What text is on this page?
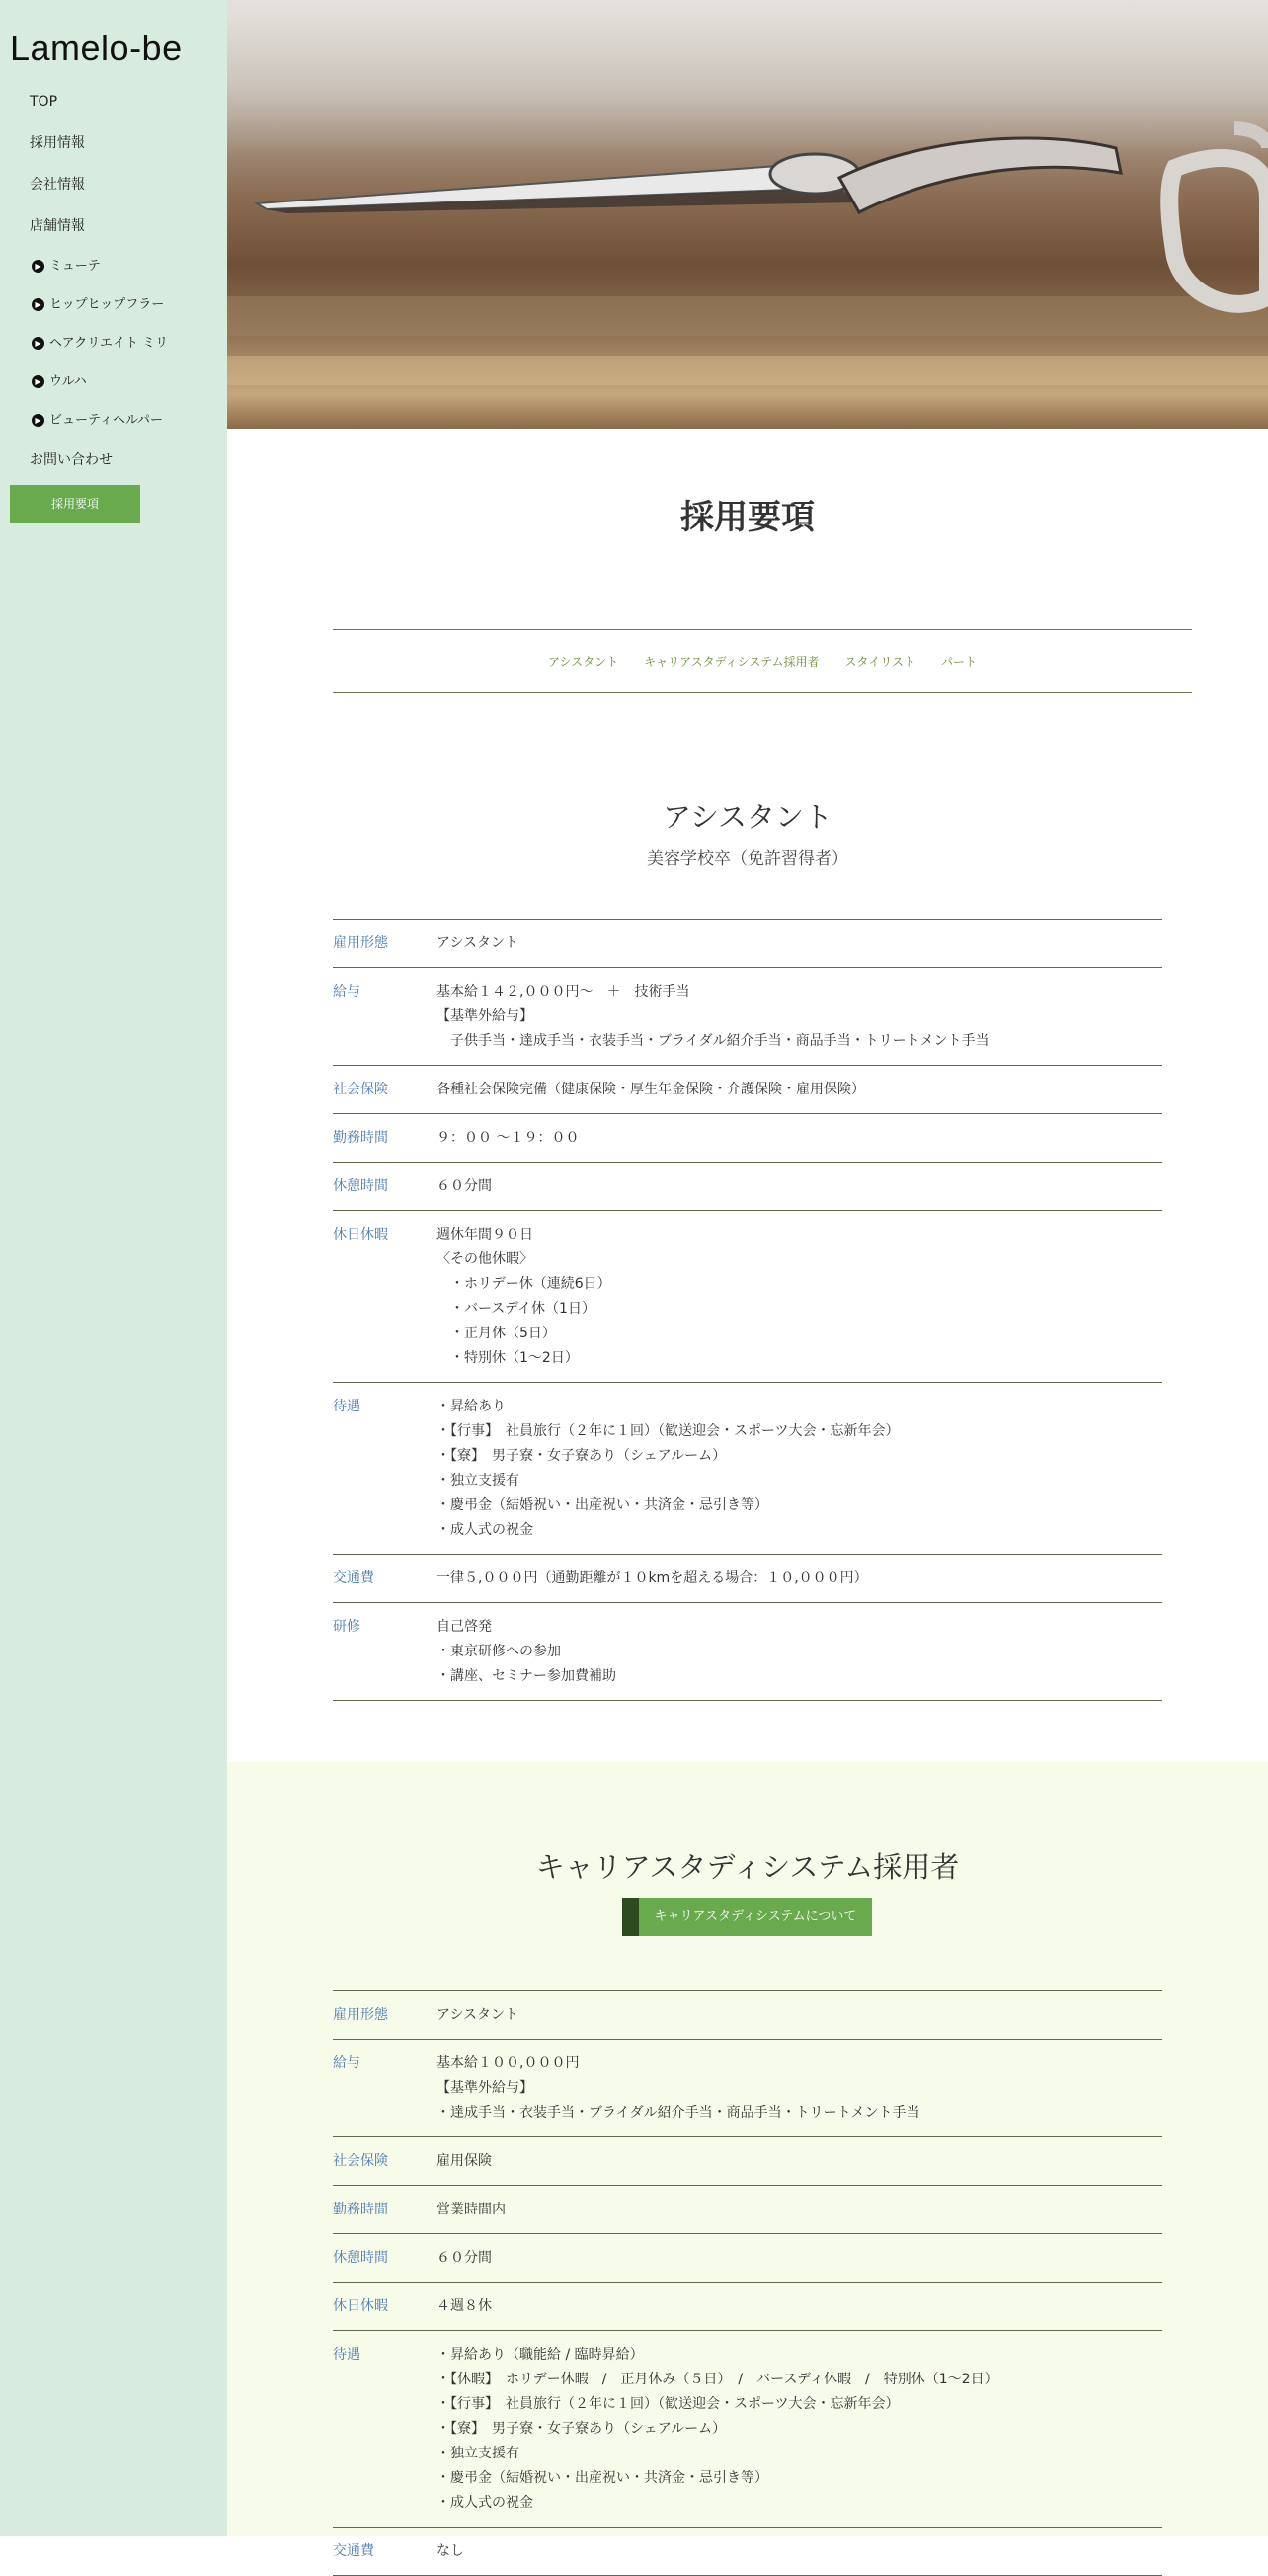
Lamelo-be
TOP
採用情報
会社情報
店舗情報
▶ ミューテ
▶ ヒップヒップフラー
▶ ヘアクリエイト ミリ
▶ ウルハ
▶ ビューティヘルパー
お問い合わせ
採用要項	採用要項
アシスタント キャリアスタディシステム採用者 スタイリスト パート
アシスタント
美容学校卒（免許習得者）
雇用形態	アシスタント
給与	基本給１４２,０００円〜　＋　技術手当
【基準外給与】
　子供手当・達成手当・衣装手当・ブライダル紹介手当・商品手当・トリートメント手当
社会保険	各種社会保険完備（健康保険・厚生年金保険・介護保険・雇用保険）
勤務時間	９：００ 〜１９：００
休憩時間	６０分間
休日休暇	週休年間９０日
〈その他休暇〉
　・ホリデー休（連続6日）
　・バースデイ休（1日）
　・正月休（5日）
　・特別休（1〜2日）
待遇	・昇給あり
・【行事】　社員旅行（２年に１回）（歓送迎会・スポーツ大会・忘新年会）
・【寮】　男子寮・女子寮あり（シェアルーム）
・独立支援有
・慶弔金（結婚祝い・出産祝い・共済金・忌引き等）
・成人式の祝金
交通費	一律５,０００円（通勤距離が１０kmを超える場合：１０,０００円）
研修	自己啓発
・東京研修への参加
・講座、セミナー参加費補助
キャリアスタディシステム採用者
キャリアスタディシステムについて
雇用形態	アシスタント
給与	基本給１００,０００円
【基準外給与】
・達成手当・衣装手当・ブライダル紹介手当・商品手当・トリートメント手当
社会保険	雇用保険
勤務時間	営業時間内
休憩時間	６０分間
休日休暇	４週８休
待遇	・昇給あり（職能給 / 臨時昇給）
・【休暇】　ホリデー休暇　/　正月休み（５日）　/　バースディ休暇　/　特別休（1〜2日）
・【行事】　社員旅行（２年に１回）（歓送迎会・スポーツ大会・忘新年会）
・【寮】　男子寮・女子寮あり（シェアルーム）
・独立支援有
・慶弔金（結婚祝い・出産祝い・共済金・忌引き等）
・成人式の祝金
交通費	なし
